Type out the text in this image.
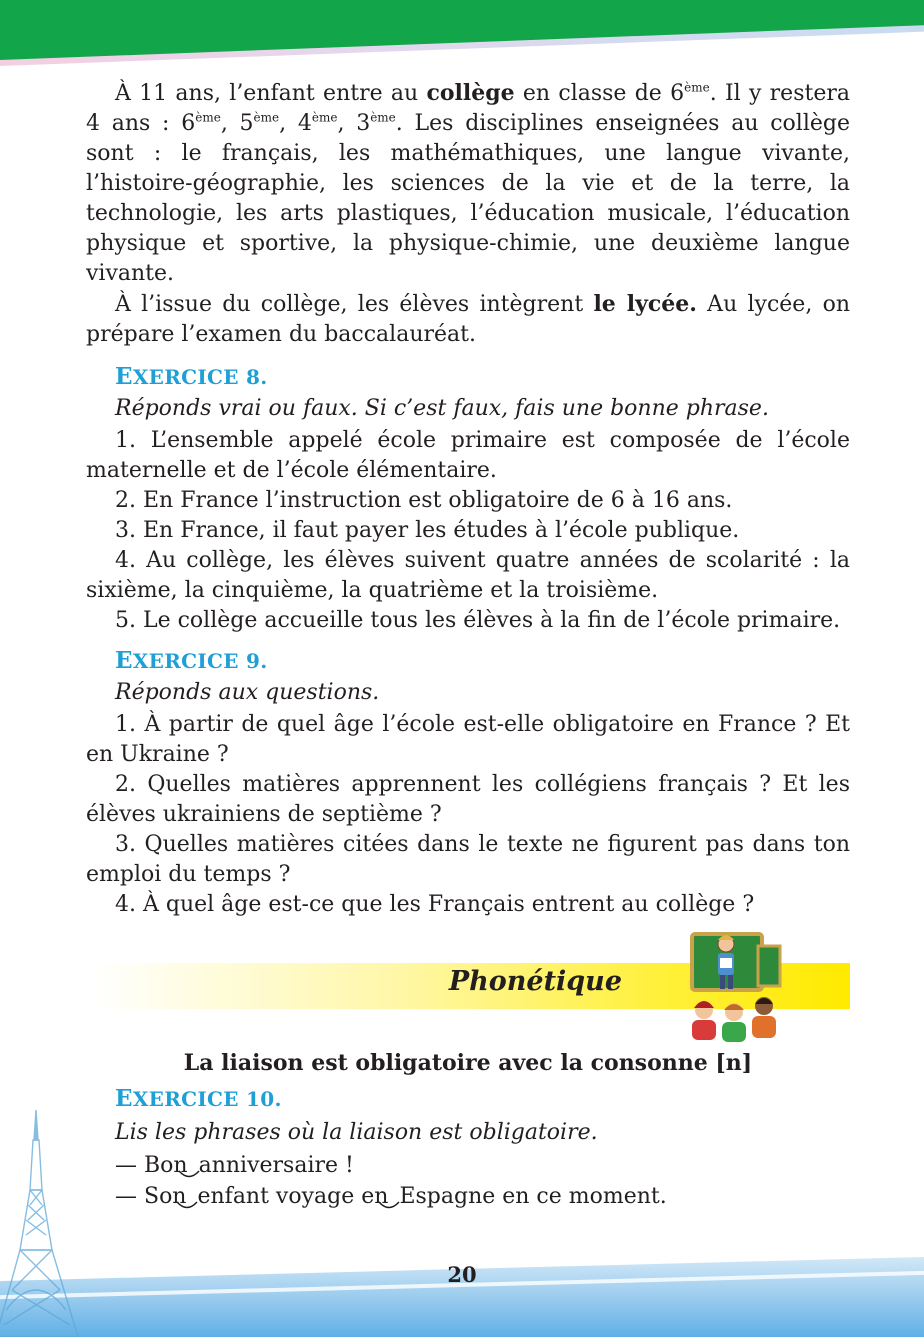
À 11 ans, l’enfant entre au collège en classe de 6ème. Il y restera 4 ans : 6ème, 5ème, 4ème, 3ème. Les disciplines enseignées au collège sont : le français, les mathémathiques, une langue vivante, l’histoire-géographie, les sciences de la vie et de la terre, la technologie, les arts plastiques, l’éducation musicale, l’éducation physique et sportive, la physique-chimie, une deuxième langue vivante.

À l’issue du collège, les élèves intègrent le lycée. Au lycée, on prépare l’examen du baccalauréat.

EXERCICE 8.

Réponds vrai ou faux. Si c’est faux, fais une bonne phrase.

1. L’ensemble appelé école primaire est composée de l’école maternelle et de l’école élémentaire.

2. En France l’instruction est obligatoire de 6 à 16 ans.

3. En France, il faut payer les études à l’école publique.

4. Au collège, les élèves suivent quatre années de scolarité : la sixième, la cinquième, la quatrième et la troisième.

5. Le collège accueille tous les élèves à la fin de l’école primaire.

EXERCICE 9.

Réponds aux questions.

1. À partir de quel âge l’école est-elle obligatoire en France ? Et en Ukraine ?

2. Quelles matières apprennent les collégiens français ? Et les élèves ukrainiens de septième ?

3. Quelles matières citées dans le texte ne figurent pas dans ton emploi du temps ?

4. À quel âge est-ce que les Français entrent au collège ?

Phonétique
La liaison est obligatoire avec la consonne [n]
EXERCICE 10.

Lis les phrases où la liaison est obligatoire.

— Bon
  anniversaire !

— Son
  enfant voyage en
  Espagne en ce moment.

20
